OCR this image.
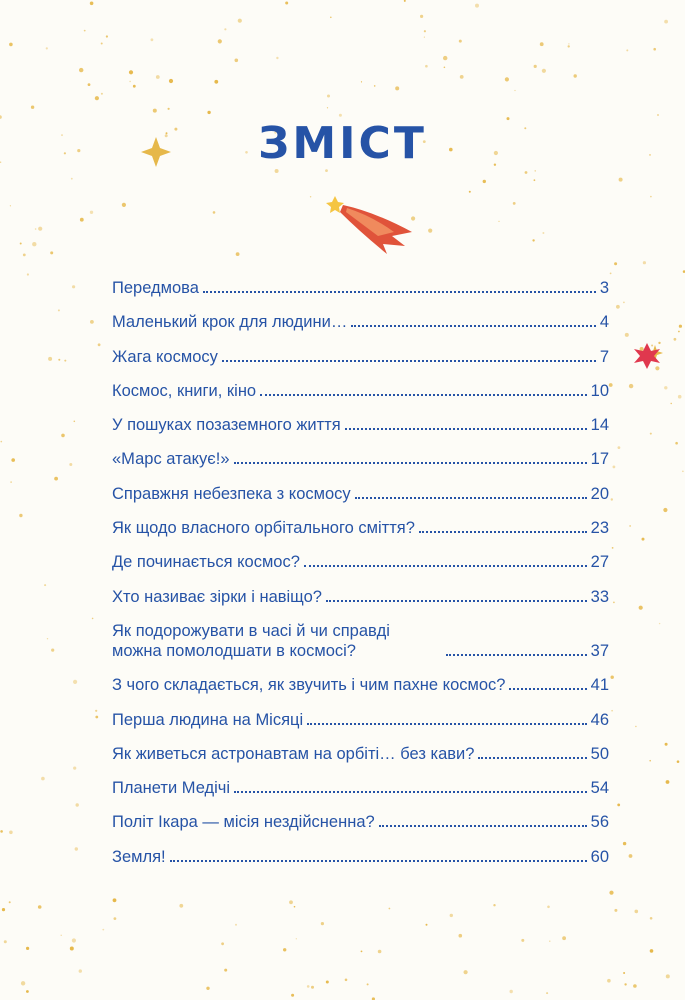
ЗМІСТ
Передмова	3
Маленький крок для людини…	4
Жага космосу	7
Космос, книги, кіно	10
У пошуках позаземного життя	14
«Марс атакує!»	17
Справжня небезпека з космосу	20
Як щодо власного орбітального сміття?	23
Де починається космос?	27
Хто називає зірки і навіщо?	33
Як подорожувати в часі й чи справді можна помолодшати в космосі?	37
З чого складається, як звучить і чим пахне космос?	41
Перша людина на Місяці	46
Як живеться астронавтам на орбіті… без кави?	50
Планети Медічі	54
Політ Ікара — місія нездійсненна?	56
Земля!	60
